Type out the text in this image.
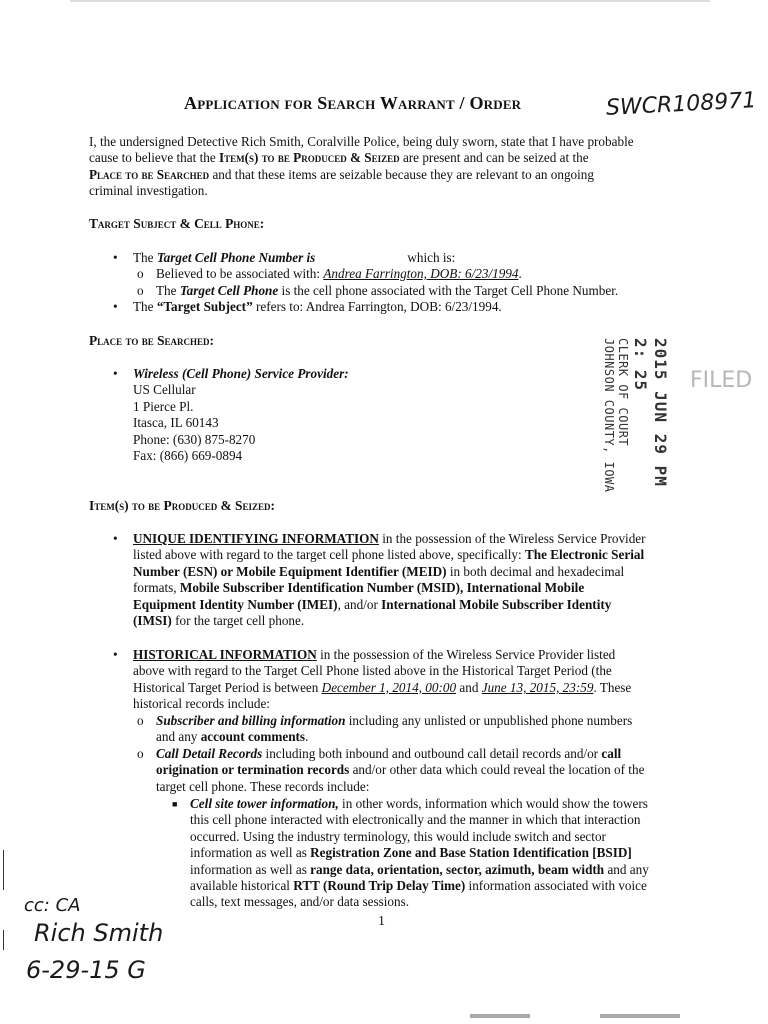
Application for Search Warrant / Order	SWCR108971
I, the undersigned Detective Rich Smith, Coralville Police, being duly sworn, state that I have probable
cause to believe that the Item(s) to be Produced & Seized are present and can be seized at the
Place to be Searched and that these items are seizable because they are relevant to an ongoing
criminal investigation.
Target Subject & Cell Phone:
• The Target Cell Phone Number is	which is:
o Believed to be associated with: Andrea Farrington, DOB: 6/23/1994.
o The Target Cell Phone is the cell phone associated with the Target Cell Phone Number.
• The “Target Subject” refers to: Andrea Farrington, DOB: 6/23/1994.
Place to be Searched:
• Wireless (Cell Phone) Service Provider:
US Cellular
1 Pierce Pl.
Itasca, IL 60143
Phone: (630) 875-8270
Fax: (866) 669-0894	2015 JUN 29 PM 2: 25
CLERK OF COURT
JOHNSON COUNTY, IOWA	FILED
Item(s) to be Produced & Seized:
• UNIQUE IDENTIFYING INFORMATION in the possession of the Wireless Service Provider
listed above with regard to the target cell phone listed above, specifically: The Electronic Serial
Number (ESN) or Mobile Equipment Identifier (MEID) in both decimal and hexadecimal
formats, Mobile Subscriber Identification Number (MSID), International Mobile
Equipment Identity Number (IMEI), and/or International Mobile Subscriber Identity
(IMSI) for the target cell phone.
• HISTORICAL INFORMATION in the possession of the Wireless Service Provider listed
above with regard to the Target Cell Phone listed above in the Historical Target Period (the
Historical Target Period is between December 1, 2014, 00:00 and June 13, 2015, 23:59. These
historical records include:
o Subscriber and billing information including any unlisted or unpublished phone numbers
and any account comments.
o Call Detail Records including both inbound and outbound call detail records and/or call
origination or termination records and/or other data which could reveal the location of the
target cell phone. These records include:
■ Cell site tower information, in other words, information which would show the towers
this cell phone interacted with electronically and the manner in which that interaction
occurred. Using the industry terminology, this would include switch and sector
information as well as Registration Zone and Base Station Identification [BSID]
information as well as range data, orientation, sector, azimuth, beam width and any
available historical RTT (Round Trip Delay Time) information associated with voice
calls, text messages, and/or data sessions.
1
cc: CA
Rich Smith
6-29-15 G
